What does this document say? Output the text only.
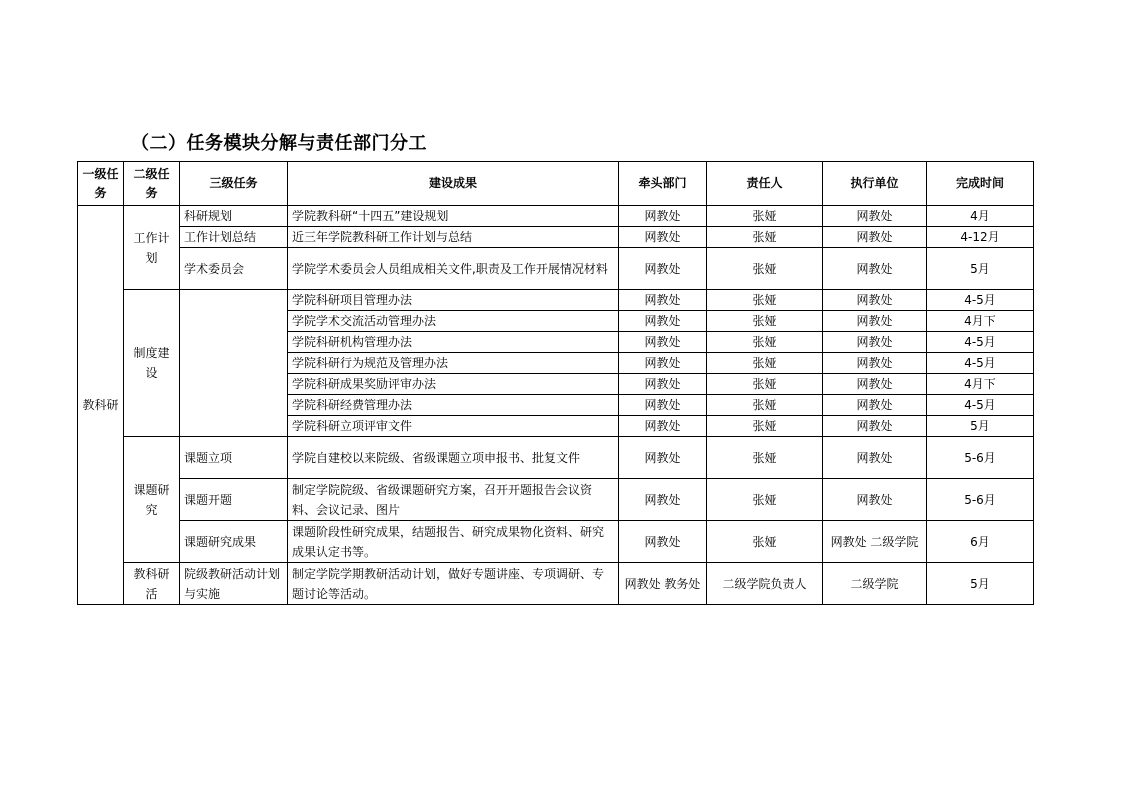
（二）任务模块分解与责任部门分工
一级任务	二级任务	三级任务	建设成果	牵头部门	责任人	执行单位	完成时间
教科研	工作计划	科研规划	学院教科研“十四五”建设规划	网教处	张娅	网教处	4月
		工作计划总结	近三年学院教科研工作计划与总结	网教处	张娅	网教处	4-12月
		学术委员会	学院学术委员会人员组成相关文件,职责及工作开展情况材料	网教处	张娅	网教处	5月
	制度建设		学院科研项目管理办法	网教处	张娅	网教处	4-5月
			学院学术交流活动管理办法	网教处	张娅	网教处	4月下
			学院科研机构管理办法	网教处	张娅	网教处	4-5月
			学院科研行为规范及管理办法	网教处	张娅	网教处	4-5月
			学院科研成果奖励评审办法	网教处	张娅	网教处	4月下
			学院科研经费管理办法	网教处	张娅	网教处	4-5月
			学院科研立项评审文件	网教处	张娅	网教处	5月
	课题研究	课题立项	学院自建校以来院级、省级课题立项申报书、批复文件	网教处	张娅	网教处	5-6月
		课题开题	制定学院院级、省级课题研究方案，召开开题报告会议资料、会议记录、图片	网教处	张娅	网教处	5-6月
		课题研究成果	课题阶段性研究成果，结题报告、研究成果物化资料、研究成果认定书等。	网教处	张娅	网教处 二级学院	6月
	教科研活	院级教研活动计划与实施	制定学院学期教研活动计划，做好专题讲座、专项调研、专题讨论等活动。	网教处 教务处	二级学院负责人	二级学院	5月
